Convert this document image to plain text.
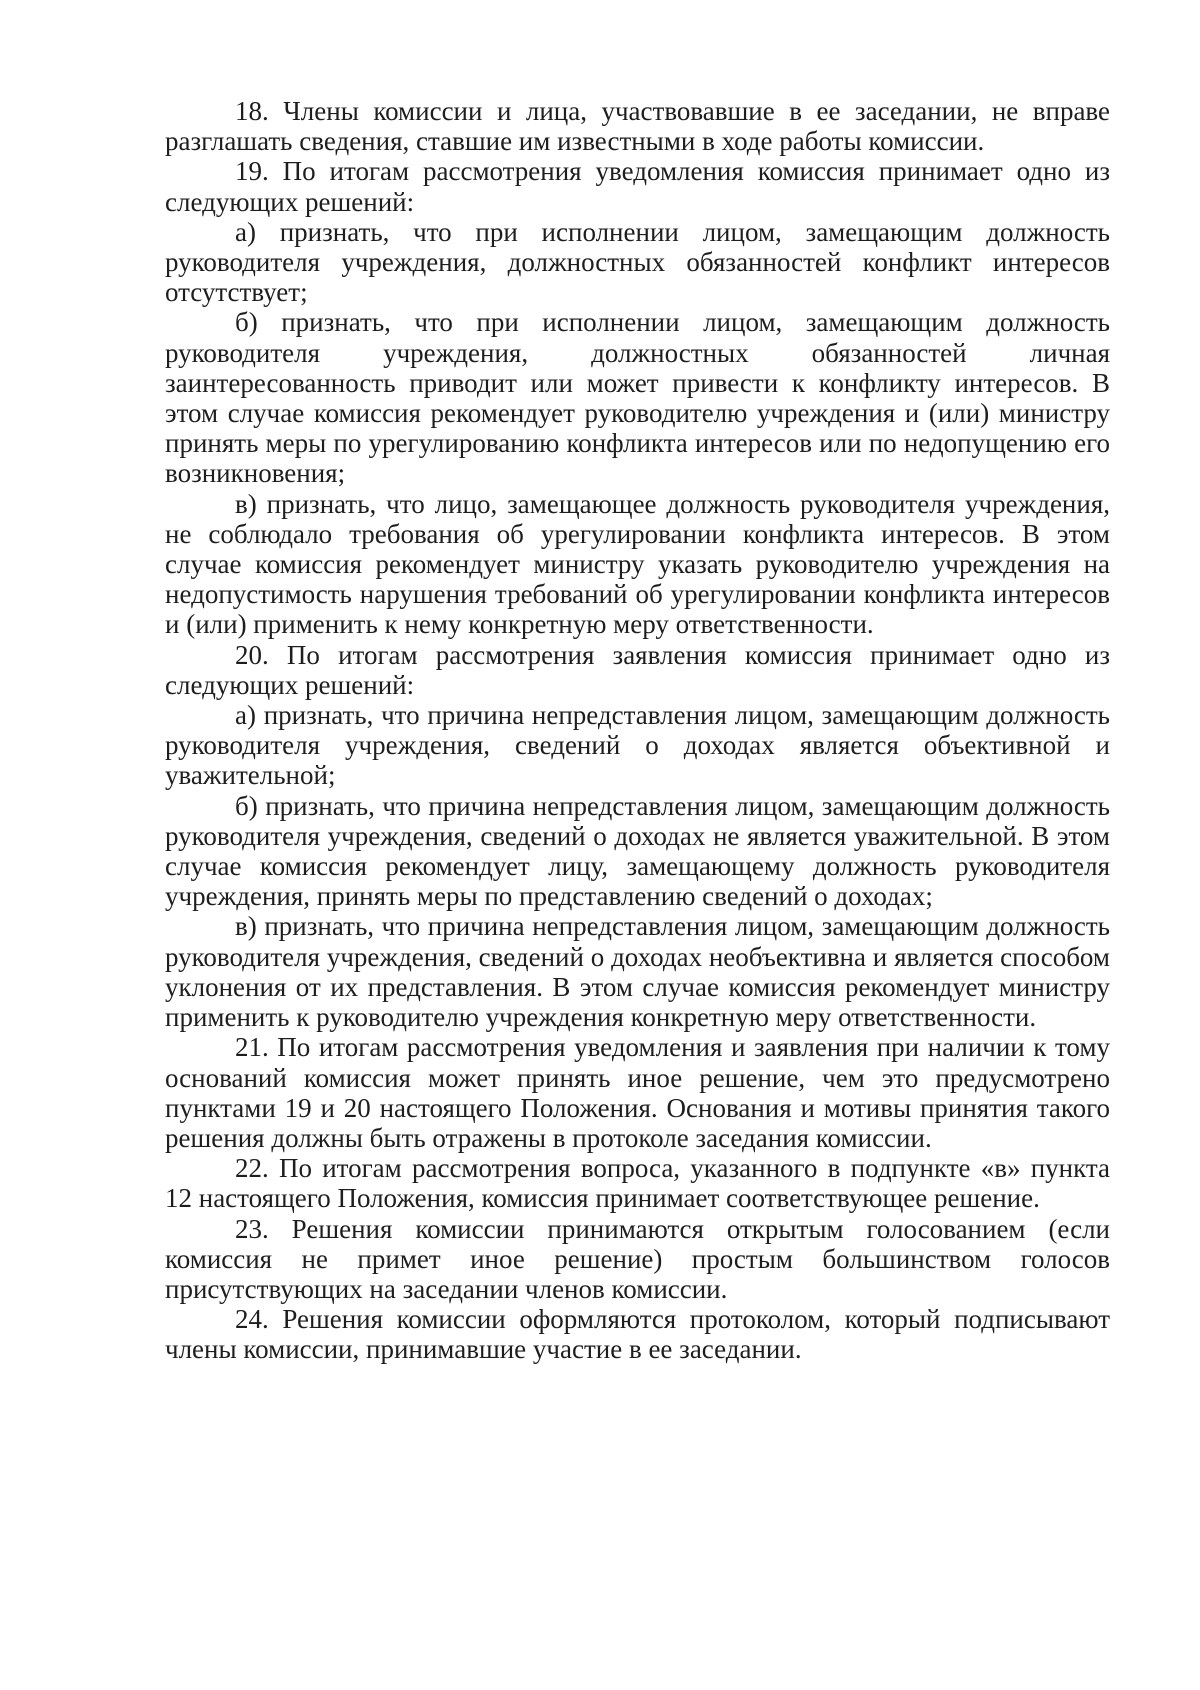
18. Члены комиссии и лица, участвовавшие в ее заседании, не вправе разглашать сведения, ставшие им известными в ходе работы комиссии.

19. По итогам рассмотрения уведомления комиссия принимает одно из следующих решений:

а) признать, что при исполнении лицом, замещающим должность руководителя учреждения, должностных обязанностей конфликт интересов отсутствует;

б) признать, что при исполнении лицом, замещающим должность руководителя учреждения, должностных обязанностей личная заинтересованность приводит или может привести к конфликту интересов. В этом случае комиссия рекомендует руководителю учреждения и (или) министру принять меры по урегулированию конфликта интересов или по недопущению его возникновения;

в) признать, что лицо, замещающее должность руководителя учреждения, не соблюдало требования об урегулировании конфликта интересов. В этом случае комиссия рекомендует министру указать руководителю учреждения на недопустимость нарушения требований об урегулировании конфликта интересов и (или) применить к нему конкретную меру ответственности.

20. По итогам рассмотрения заявления комиссия принимает одно из следующих решений:

а) признать, что причина непредставления лицом, замещающим должность руководителя учреждения, сведений о доходах является объективной и уважительной;

б) признать, что причина непредставления лицом, замещающим должность руководителя учреждения, сведений о доходах не является уважительной. В этом случае комиссия рекомендует лицу, замещающему должность руководителя учреждения, принять меры по представлению сведений о доходах;

в) признать, что причина непредставления лицом, замещающим должность руководителя учреждения, сведений о доходах необъективна и является способом уклонения от их представления. В этом случае комиссия рекомендует министру применить к руководителю учреждения конкретную меру ответственности.

21. По итогам рассмотрения уведомления и заявления при наличии к тому оснований комиссия может принять иное решение, чем это предусмотрено пунктами 19 и 20 настоящего Положения. Основания и мотивы принятия такого решения должны быть отражены в протоколе заседания комиссии.

22. По итогам рассмотрения вопроса, указанного в подпункте «в» пункта 12 настоящего Положения, комиссия принимает соответствующее решение.

23. Решения комиссии принимаются открытым голосованием (если комиссия не примет иное решение) простым большинством голосов присутствующих на заседании членов комиссии.

24. Решения комиссии оформляются протоколом, который подписывают члены комиссии, принимавшие участие в ее заседании.
